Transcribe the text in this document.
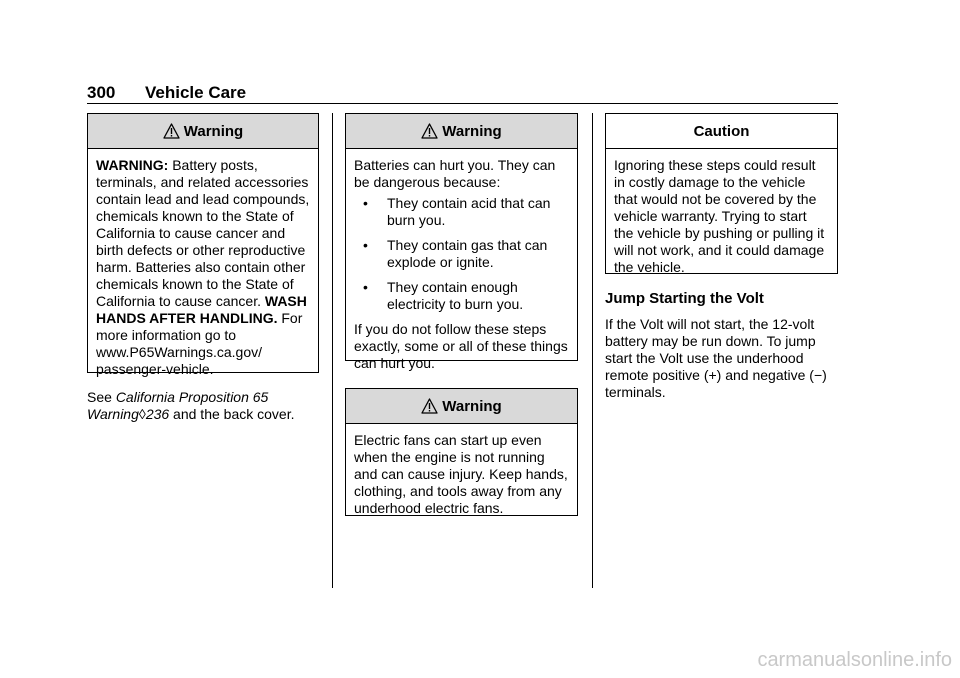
300 Vehicle Care
Warning

WARNING: Battery posts, terminals, and related accessories contain lead and lead compounds, chemicals known to the State of California to cause cancer and birth defects or other reproductive harm. Batteries also contain other chemicals known to the State of California to cause cancer. WASH HANDS AFTER HANDLING. For more information go to www.P65Warnings.ca.gov/ passenger-vehicle.

See California Proposition 65 Warning◊236 and the back cover.
Warning

Batteries can hurt you. They can be dangerous because:

• They contain acid that can burn you.
• They contain gas that can explode or ignite.
• They contain enough electricity to burn you.

If you do not follow these steps exactly, some or all of these things can hurt you.

Warning

Electric fans can start up even when the engine is not running and can cause injury. Keep hands, clothing, and tools away from any underhood electric fans.

Caution

Ignoring these steps could result in costly damage to the vehicle that would not be covered by the vehicle warranty. Trying to start the vehicle by pushing or pulling it will not work, and it could damage the vehicle.

Jump Starting the Volt
If the Volt will not start, the 12-volt battery may be run down. To jump start the Volt use the underhood remote positive (+) and negative (−) terminals.
carmanualsonline.info
